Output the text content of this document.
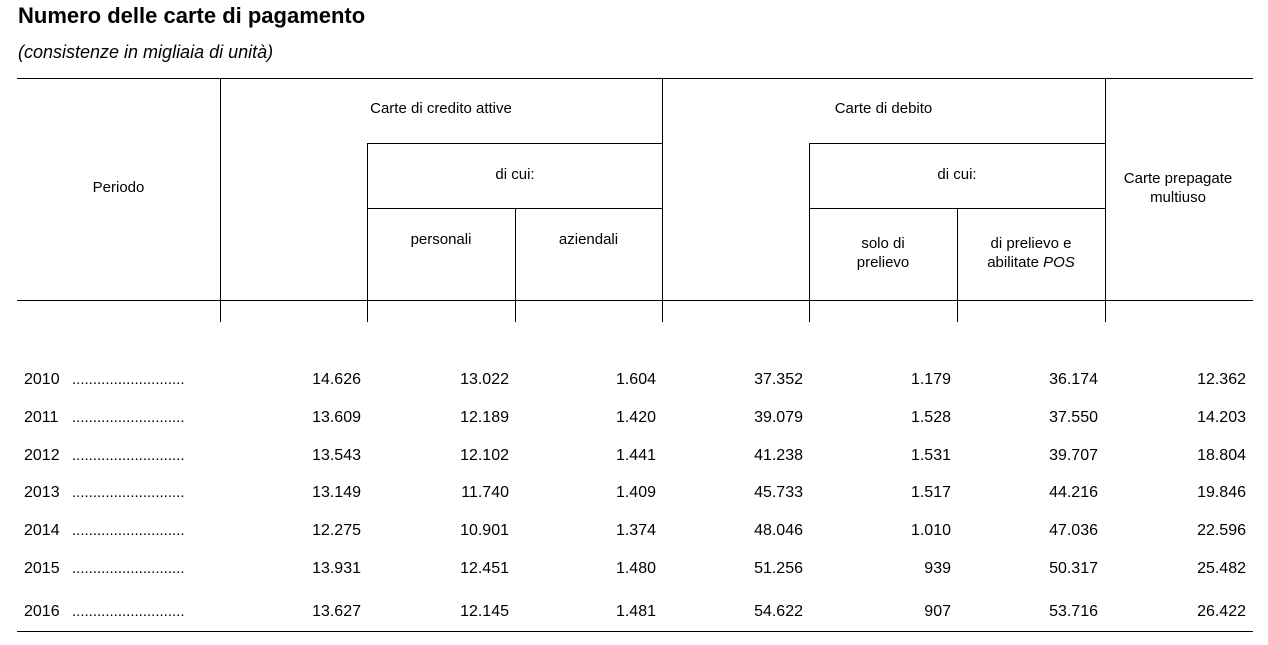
Numero delle carte di pagamento
(consistenze in migliaia di unità)
Periodo
Carte di credito attive
di cui:
personali	aziendali
Carte di debito
di cui:
solo di prelievo
di prelievo e abilitate POS
Carte prepagate multiuso
2010 ...........................	14.626	13.022	1.604	37.352	1.179	36.174	12.362
2011 ...........................	13.609	12.189	1.420	39.079	1.528	37.550	14.203
2012 ...........................	13.543	12.102	1.441	41.238	1.531	39.707	18.804
2013 ...........................	13.149	11.740	1.409	45.733	1.517	44.216	19.846
2014 ...........................	12.275	10.901	1.374	48.046	1.010	47.036	22.596
2015 ...........................	13.931	12.451	1.480	51.256	939	50.317	25.482
2016 ...........................	13.627	12.145	1.481	54.622	907	53.716	26.422
